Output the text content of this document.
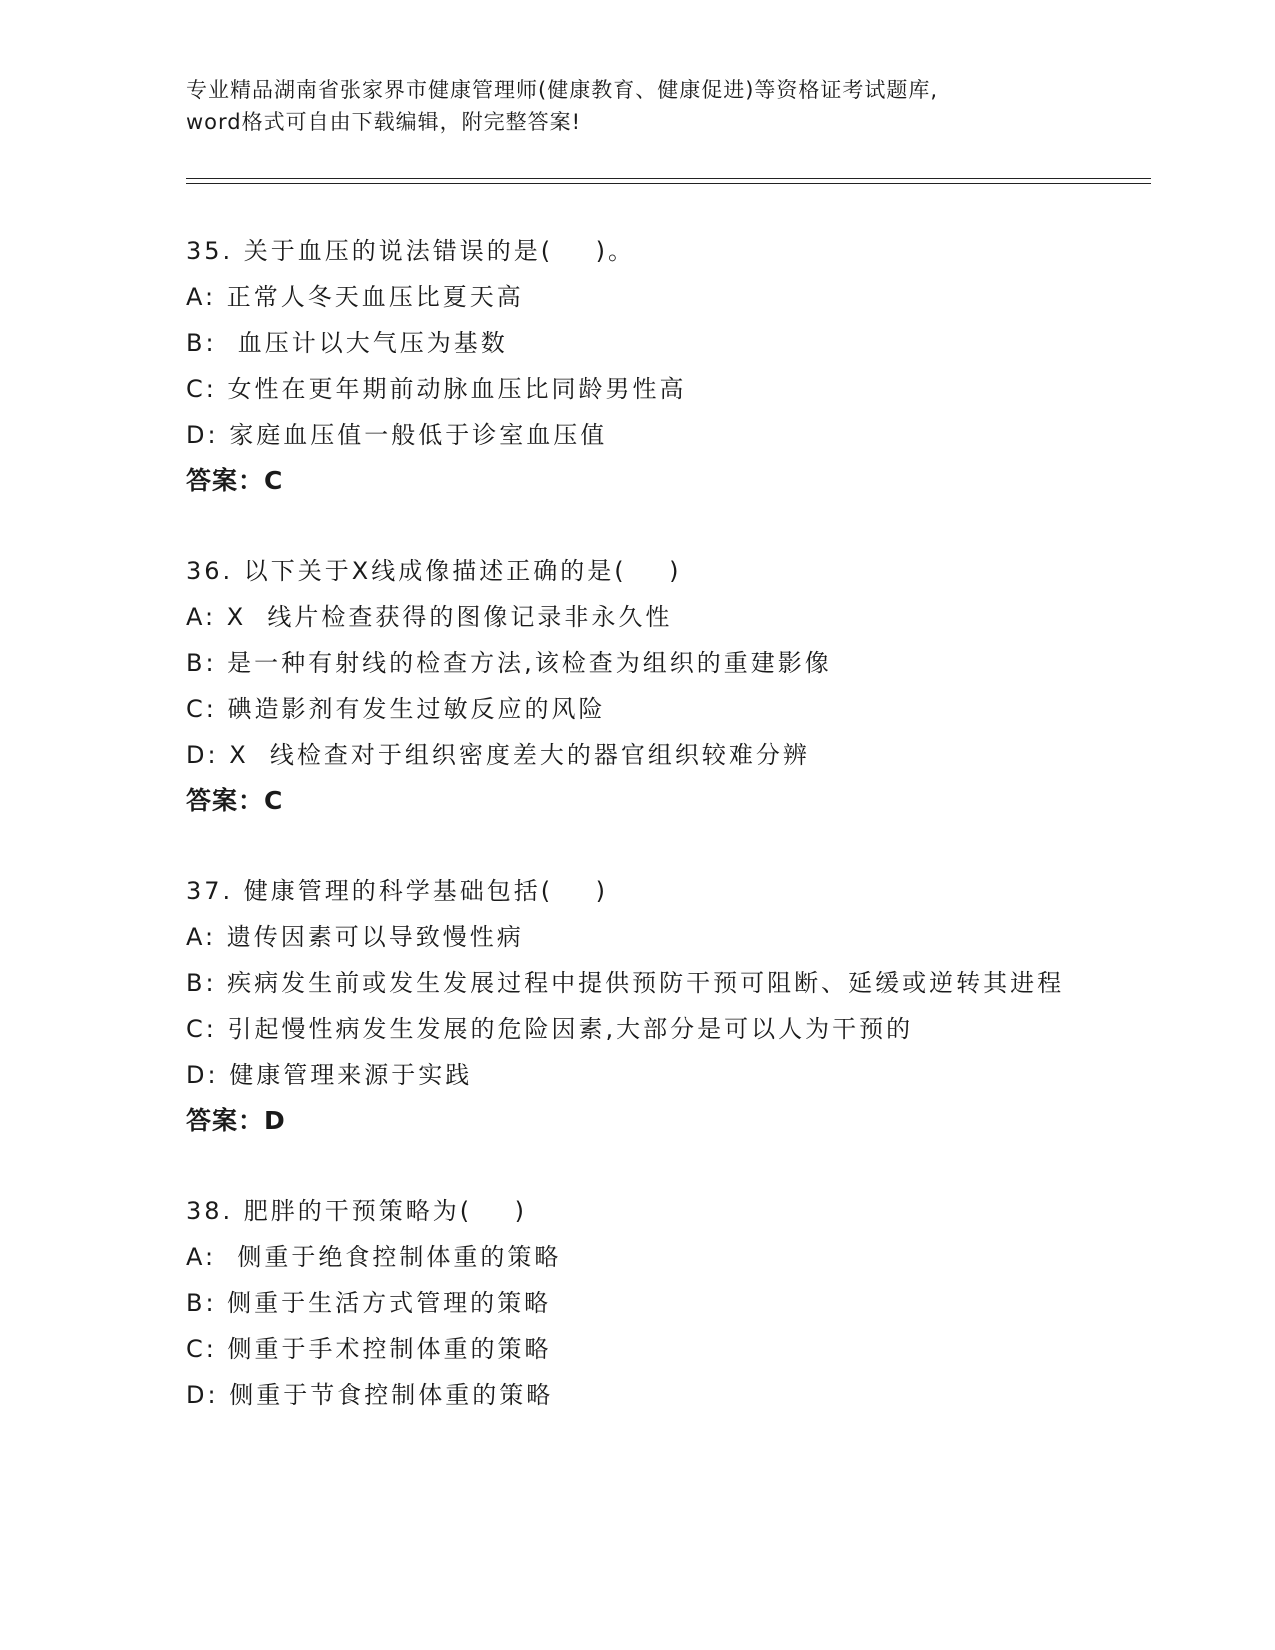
专业精品湖南省张家界市健康管理师(健康教育、健康促进)等资格证考试题库,
word格式可自由下载编辑，附完整答案!
35. 关于血压的说法错误的是(    )。
A: 正常人冬天血压比夏天高
B:  血压计以大气压为基数
C: 女性在更年期前动脉血压比同龄男性高
D: 家庭血压值一般低于诊室血压值
答案：C
36. 以下关于X线成像描述正确的是(    )
A: X  线片检查获得的图像记录非永久性
B: 是一种有射线的检查方法,该检查为组织的重建影像
C: 碘造影剂有发生过敏反应的风险
D: X  线检查对于组织密度差大的器官组织较难分辨
答案：C
37. 健康管理的科学基础包括(    )
A: 遗传因素可以导致慢性病
B: 疾病发生前或发生发展过程中提供预防干预可阻断、延缓或逆转其进程
C: 引起慢性病发生发展的危险因素,大部分是可以人为干预的
D: 健康管理来源于实践
答案：D
38. 肥胖的干预策略为(    )
A:  侧重于绝食控制体重的策略
B: 侧重于生活方式管理的策略
C: 侧重于手术控制体重的策略
D: 侧重于节食控制体重的策略
